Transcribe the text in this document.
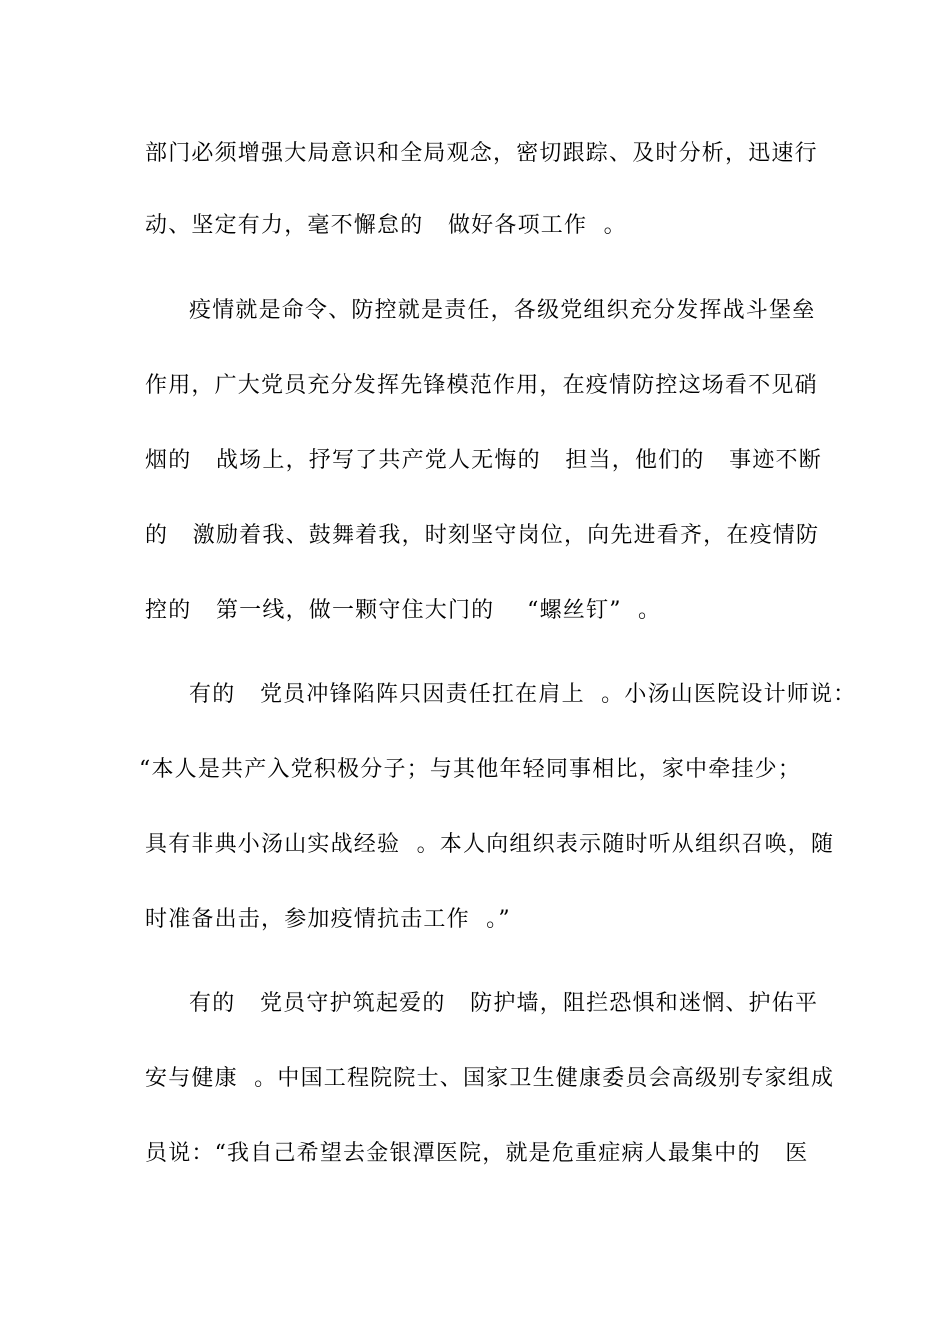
部门必须增强大局意识和全局观念，密切跟踪、及时分析，迅速行
动、坚定有力，毫不懈怠的   做好各项工作  。
疫情就是命令、防控就是责任，各级党组织充分发挥战斗堡垒
作用，广大党员充分发挥先锋模范作用，在疫情防控这场看不见硝
烟的   战场上，抒写了共产党人无悔的   担当，他们的   事迹不断
的   激励着我、鼓舞着我，时刻坚守岗位，向先进看齐，在疫情防
控的   第一线，做一颗守住大门的    “螺丝钉”  。
有的   党员冲锋陷阵只因责任扛在肩上  。小汤山医院设计师说：
“本人是共产入党积极分子；与其他年轻同事相比，家中牵挂少；
具有非典小汤山实战经验  。本人向组织表示随时听从组织召唤，随
时准备出击，参加疫情抗击工作  。”
有的   党员守护筑起爱的   防护墙，阻拦恐惧和迷惘、护佑平
安与健康  。中国工程院院士、国家卫生健康委员会高级别专家组成
员说：“我自己希望去金银潭医院，就是危重症病人最集中的   医
